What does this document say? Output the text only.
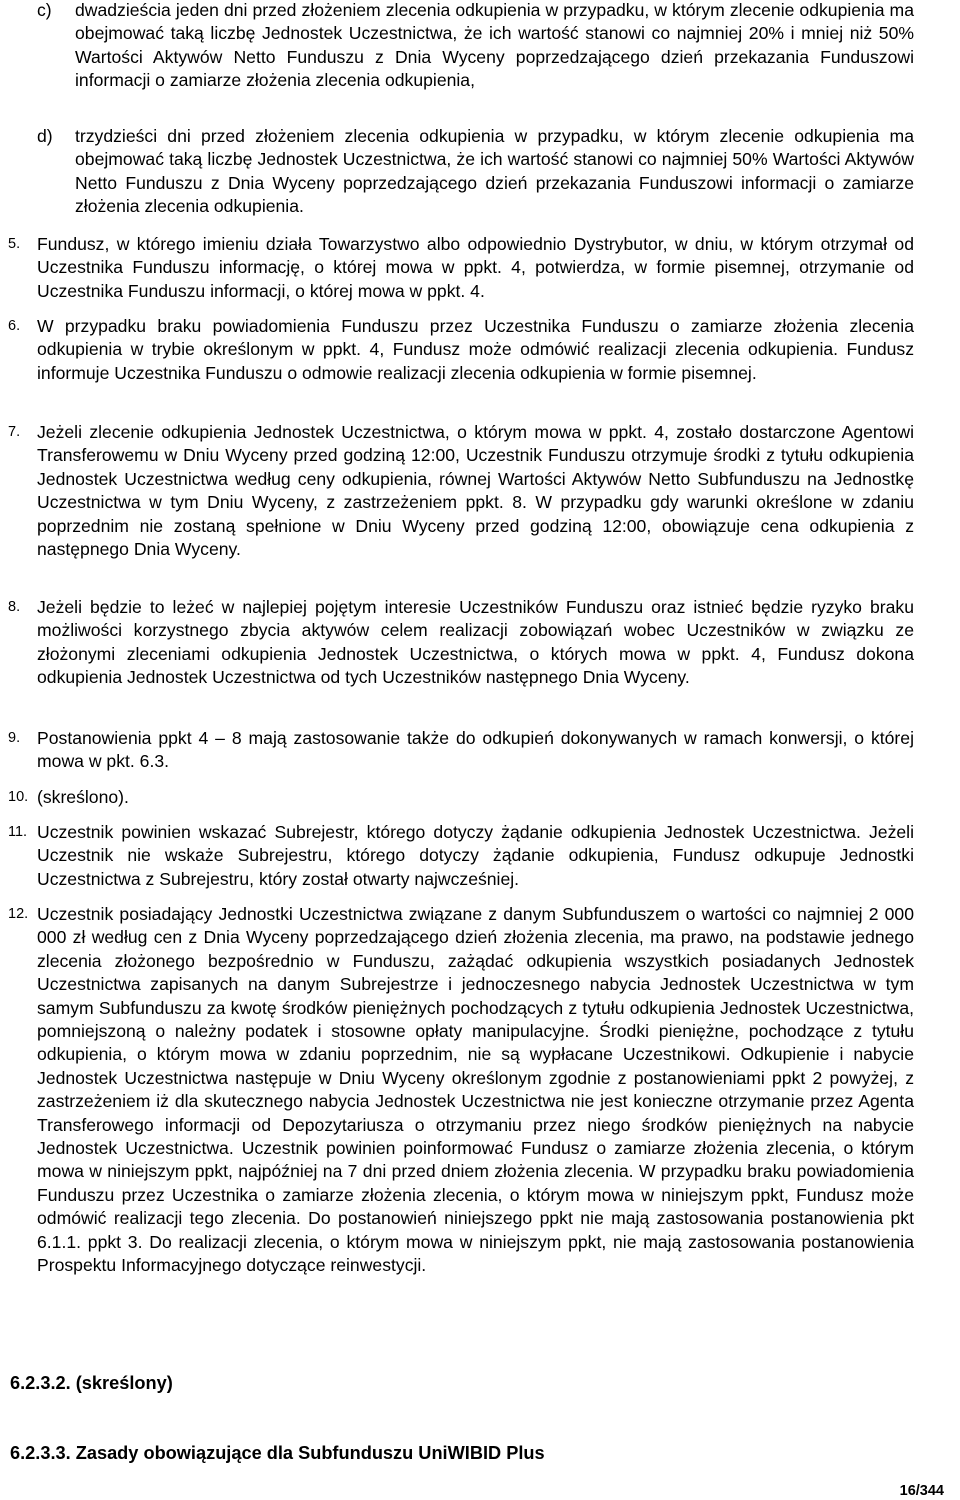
c) dwadzieścia jeden dni przed złożeniem zlecenia odkupienia w przypadku, w którym zlecenie odkupienia ma obejmować taką liczbę Jednostek Uczestnictwa, że ich wartość stanowi co najmniej 20% i mniej niż 50% Wartości Aktywów Netto Funduszu z Dnia Wyceny poprzedzającego dzień przekazania Funduszowi informacji o zamiarze złożenia zlecenia odkupienia,
d) trzydzieści dni przed złożeniem zlecenia odkupienia w przypadku, w którym zlecenie odkupienia ma obejmować taką liczbę Jednostek Uczestnictwa, że ich wartość stanowi co najmniej 50% Wartości Aktywów Netto Funduszu z Dnia Wyceny poprzedzającego dzień przekazania Funduszowi informacji o zamiarze złożenia zlecenia odkupienia.
5. Fundusz, w którego imieniu działa Towarzystwo albo odpowiednio Dystrybutor, w dniu, w którym otrzymał od Uczestnika Funduszu informację, o której mowa w ppkt. 4, potwierdza, w formie pisemnej, otrzymanie od Uczestnika Funduszu informacji, o której mowa w ppkt. 4.
6. W przypadku braku powiadomienia Funduszu przez Uczestnika Funduszu o zamiarze złożenia zlecenia odkupienia w trybie określonym w ppkt. 4, Fundusz może odmówić realizacji zlecenia odkupienia. Fundusz informuje Uczestnika Funduszu o odmowie realizacji zlecenia odkupienia w formie pisemnej.
7. Jeżeli zlecenie odkupienia Jednostek Uczestnictwa, o którym mowa w ppkt. 4, zostało dostarczone Agentowi Transferowemu w Dniu Wyceny przed godziną 12:00, Uczestnik Funduszu otrzymuje środki z tytułu odkupienia Jednostek Uczestnictwa według ceny odkupienia, równej Wartości Aktywów Netto Subfunduszu na Jednostkę Uczestnictwa w tym Dniu Wyceny, z zastrzeżeniem ppkt. 8. W przypadku gdy warunki określone w zdaniu poprzednim nie zostaną spełnione w Dniu Wyceny przed godziną 12:00, obowiązuje cena odkupienia z następnego Dnia Wyceny.
8. Jeżeli będzie to leżeć w najlepiej pojętym interesie Uczestników Funduszu oraz istnieć będzie ryzyko braku możliwości korzystnego zbycia aktywów celem realizacji zobowiązań wobec Uczestników w związku ze złożonymi zleceniami odkupienia Jednostek Uczestnictwa, o których mowa w ppkt. 4, Fundusz dokona odkupienia Jednostek Uczestnictwa od tych Uczestników następnego Dnia Wyceny.
9. Postanowienia ppkt 4 – 8 mają zastosowanie także do odkupień dokonywanych w ramach konwersji, o której mowa w pkt. 6.3.
10. (skreślono).
11. Uczestnik powinien wskazać Subrejestr, którego dotyczy żądanie odkupienia Jednostek Uczestnictwa. Jeżeli Uczestnik nie wskaże Subrejestru, którego dotyczy żądanie odkupienia, Fundusz odkupuje Jednostki Uczestnictwa z Subrejestru, który został otwarty najwcześniej.
12. Uczestnik posiadający Jednostki Uczestnictwa związane z danym Subfunduszem o wartości co najmniej 2 000 000 zł według cen z Dnia Wyceny poprzedzającego dzień złożenia zlecenia, ma prawo, na podstawie jednego zlecenia złożonego bezpośrednio w Funduszu, zażądać odkupienia wszystkich posiadanych Jednostek Uczestnictwa zapisanych na danym Subrejestrze i jednoczesnego nabycia Jednostek Uczestnictwa w tym samym Subfunduszu za kwotę środków pieniężnych pochodzących z tytułu odkupienia Jednostek Uczestnictwa, pomniejszoną o należny podatek i stosowne opłaty manipulacyjne. Środki pieniężne, pochodzące z tytułu odkupienia, o którym mowa w zdaniu poprzednim, nie są wypłacane Uczestnikowi. Odkupienie i nabycie Jednostek Uczestnictwa następuje w Dniu Wyceny określonym zgodnie z postanowieniami ppkt 2 powyżej, z zastrzeżeniem iż dla skutecznego nabycia Jednostek Uczestnictwa nie jest konieczne otrzymanie przez Agenta Transferowego informacji od Depozytariusza o otrzymaniu przez niego środków pieniężnych na nabycie Jednostek Uczestnictwa. Uczestnik powinien poinformować Fundusz o zamiarze złożenia zlecenia, o którym mowa w niniejszym ppkt, najpóźniej na 7 dni przed dniem złożenia zlecenia. W przypadku braku powiadomienia Funduszu przez Uczestnika o zamiarze złożenia zlecenia, o którym mowa w niniejszym ppkt, Fundusz może odmówić realizacji tego zlecenia. Do postanowień niniejszego ppkt nie mają zastosowania postanowienia pkt 6.1.1. ppkt 3. Do realizacji zlecenia, o którym mowa w niniejszym ppkt, nie mają zastosowania postanowienia Prospektu Informacyjnego dotyczące reinwestycji.
6.2.3.2. (skreślony)
6.2.3.3. Zasady obowiązujące dla Subfunduszu UniWIBID Plus
16/344
